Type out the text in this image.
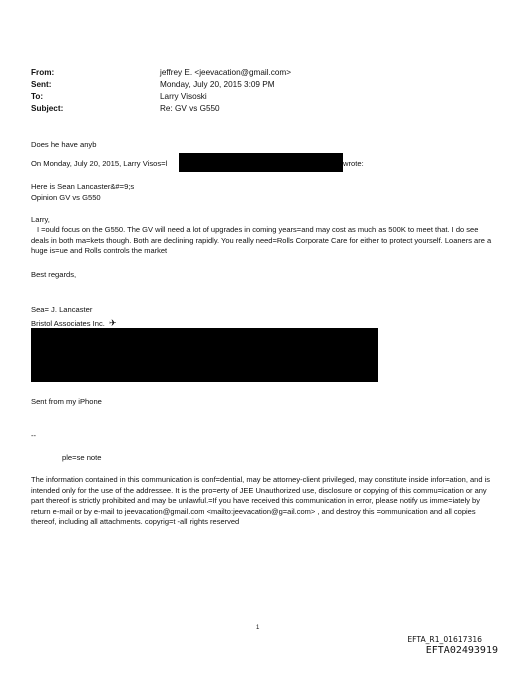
From:	jeffrey E. <jeevacation@gmail.com>
Sent:	Monday, July 20, 2015 3:09 PM
To:	Larry Visoski
Subject:	Re: GV vs G550
Does he have anyb
On Monday, July 20, 2015, Larry Visos=l	wrote:
Here is Sean Lancaster&#=9;s
Opinion GV vs G550
Larry,
I =ould focus on the G550. The GV will need a lot of upgrades in coming years=and may cost as much as 500K to meet that. I do see deals in both ma=kets though. Both are declining rapidly. You really need=Rolls Corporate Care for either to protect yourself. Loaners are a huge is=ue and Rolls controls the market
Best regards,
Sea= J. Lancaster
Bristol Associates Inc. ✈
Sent from my iPhone
--
ple=se note
The information contained in this communication is conf=dential, may be attorney-client privileged, may constitute inside infor=ation, and is intended only for the use of the addressee. It is the pro=erty of JEE Unauthorized use, disclosure or copying of this commu=ication or any part thereof is strictly prohibited and may be unlawful.=If you have received this communication in error, please notify us imme=iately by return e-mail or by e-mail to jeevacation@gmail.com <mailto:jeevacation@g=ail.com> , and destroy this =ommunication and all copies thereof, including all attachments. copyrig=t -all rights reserved
1
EFTA_R1_01617316
EFTA02493919
